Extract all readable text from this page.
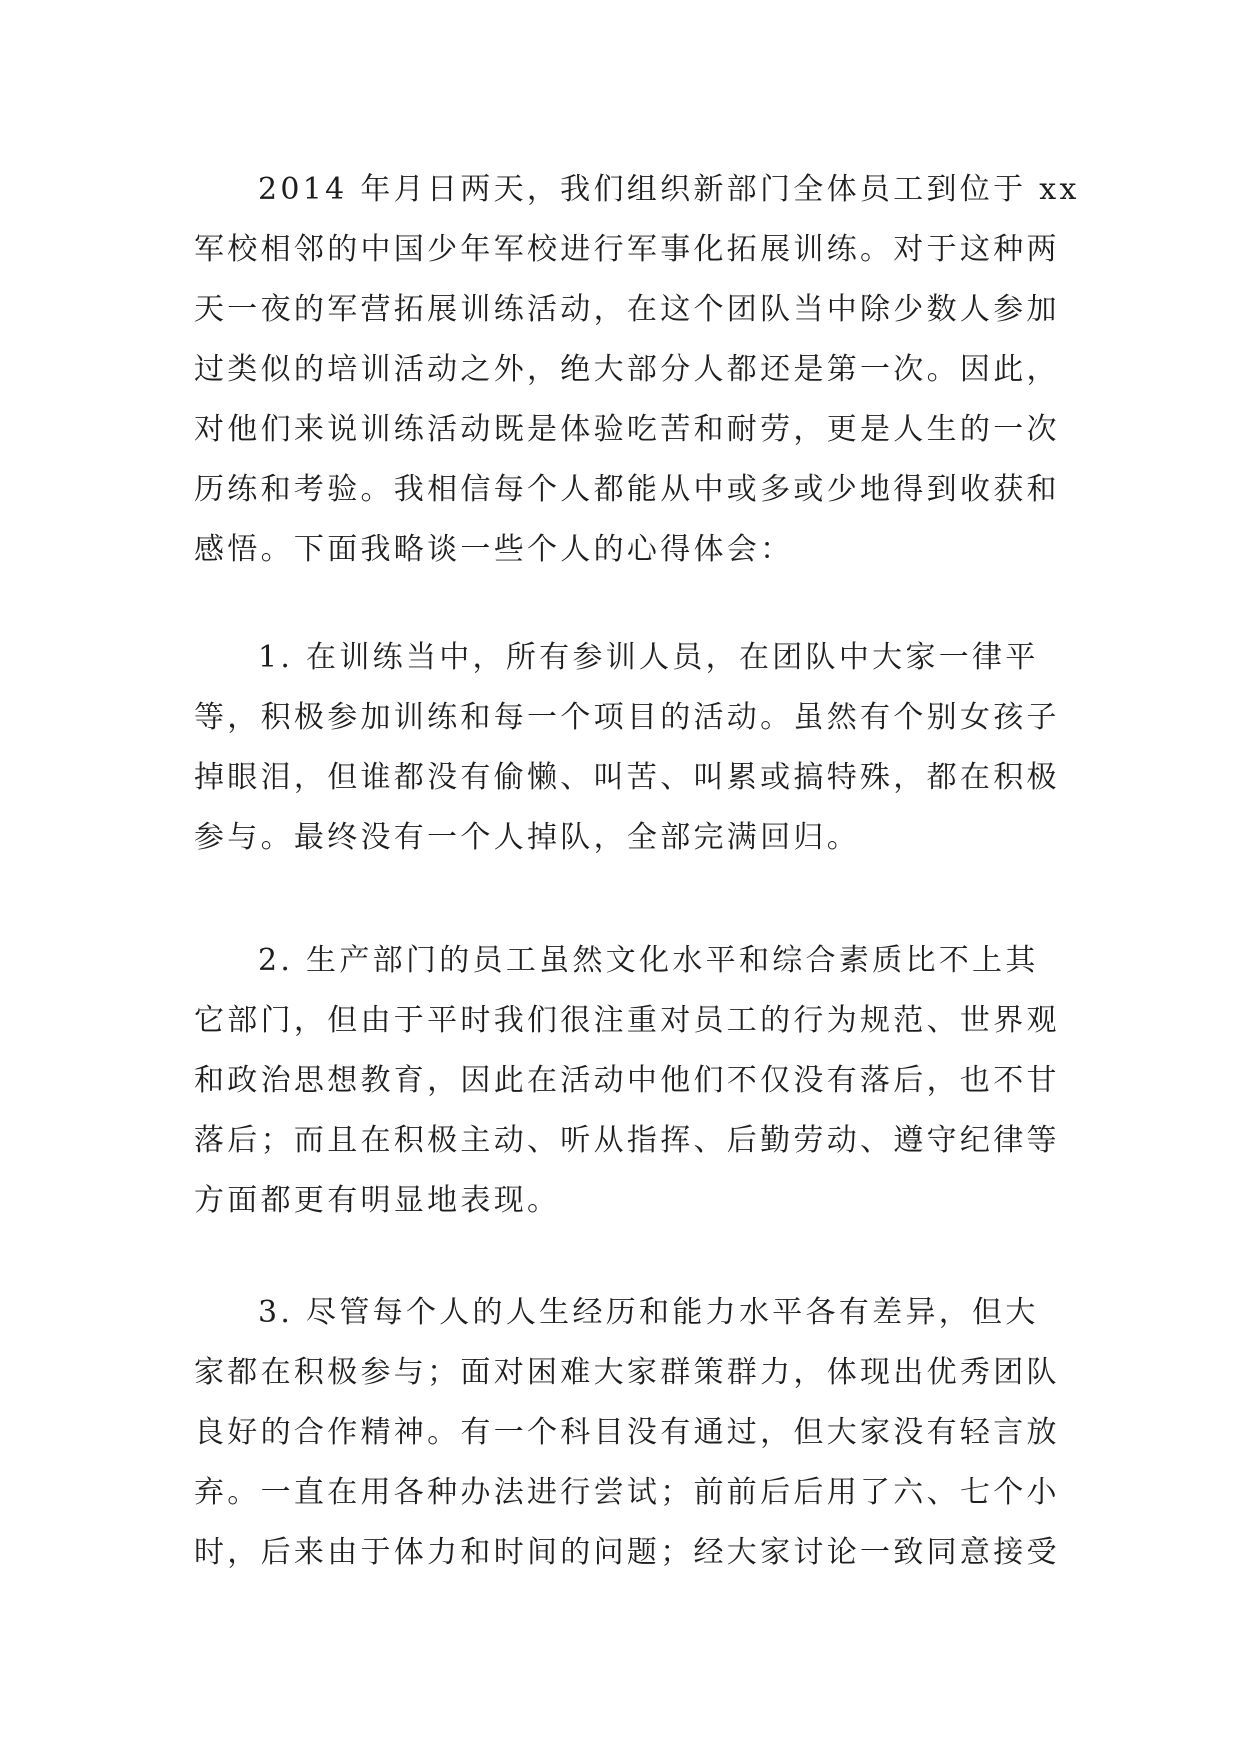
2014 年月日两天，我们组织新部门全体员工到位于 xx
军校相邻的中国少年军校进行军事化拓展训练。对于这种两
天一夜的军营拓展训练活动，在这个团队当中除少数人参加
过类似的培训活动之外，绝大部分人都还是第一次。因此，
对他们来说训练活动既是体验吃苦和耐劳，更是人生的一次
历练和考验。我相信每个人都能从中或多或少地得到收获和
感悟。下面我略谈一些个人的心得体会：
1. 在训练当中，所有参训人员，在团队中大家一律平
等，积极参加训练和每一个项目的活动。虽然有个别女孩子
掉眼泪，但谁都没有偷懒、叫苦、叫累或搞特殊，都在积极
参与。最终没有一个人掉队，全部完满回归。
2. 生产部门的员工虽然文化水平和综合素质比不上其
它部门，但由于平时我们很注重对员工的行为规范、世界观
和政治思想教育，因此在活动中他们不仅没有落后，也不甘
落后；而且在积极主动、听从指挥、后勤劳动、遵守纪律等
方面都更有明显地表现。
3. 尽管每个人的人生经历和能力水平各有差异，但大
家都在积极参与；面对困难大家群策群力，体现出优秀团队
良好的合作精神。有一个科目没有通过，但大家没有轻言放
弃。一直在用各种办法进行尝试；前前后后用了六、七个小
时，后来由于体力和时间的问题；经大家讨论一致同意接受
